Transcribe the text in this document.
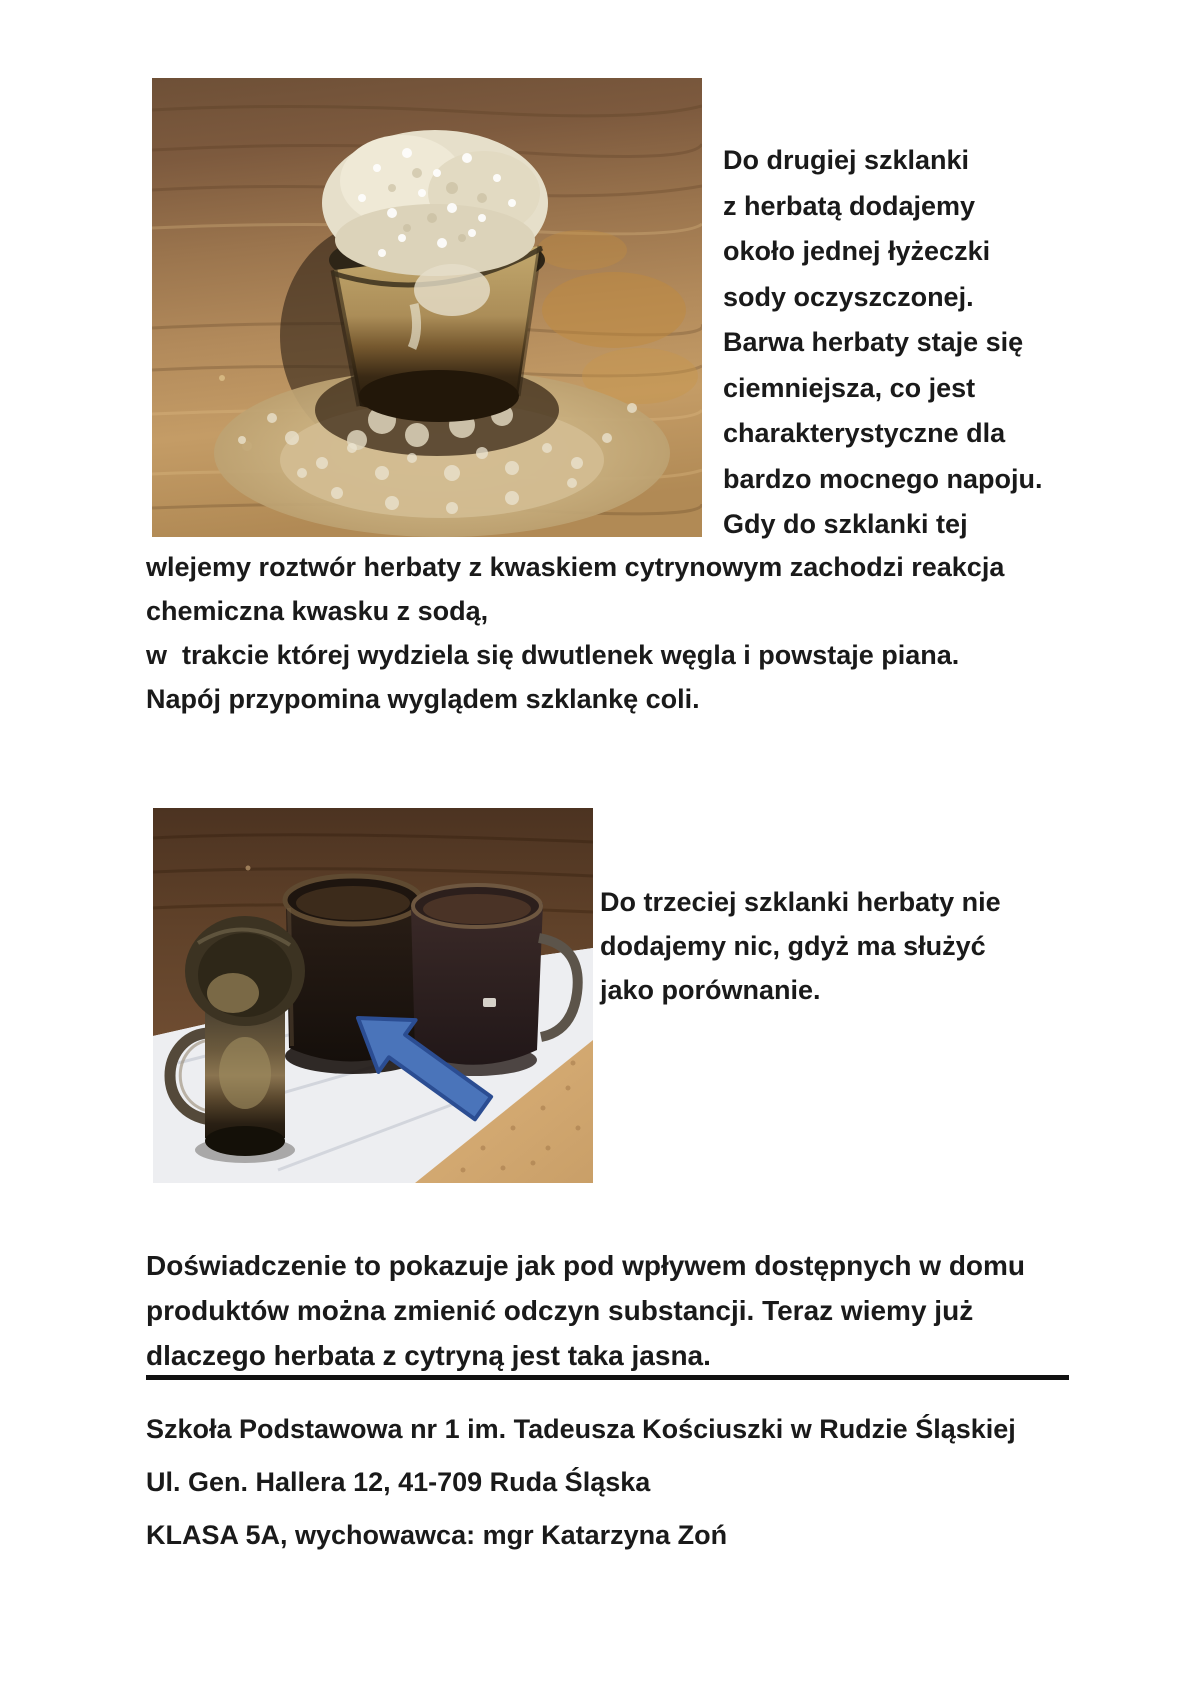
Do drugiej szklanki
z herbatą dodajemy
około jednej łyżeczki
sody oczyszczonej.
Barwa herbaty staje się
ciemniejsza, co jest
charakterystyczne dla
bardzo mocnego napoju.
Gdy do szklanki tej
wlejemy roztwór herbaty z kwaskiem cytrynowym zachodzi reakcja
chemiczna kwasku z sodą,
w  trakcie której wydziela się dwutlenek węgla i powstaje piana.
Napój przypomina wyglądem szklankę coli.
Do trzeciej szklanki herbaty nie
dodajemy nic, gdyż ma służyć
jako porównanie.
Doświadczenie to pokazuje jak pod wpływem dostępnych w domu
produktów można zmienić odczyn substancji. Teraz wiemy już
dlaczego herbata z cytryną jest taka jasna.
Szkoła Podstawowa nr 1 im. Tadeusza Kościuszki w Rudzie Śląskiej
Ul. Gen. Hallera 12, 41-709 Ruda Śląska
KLASA 5A, wychowawca: mgr Katarzyna Zoń
